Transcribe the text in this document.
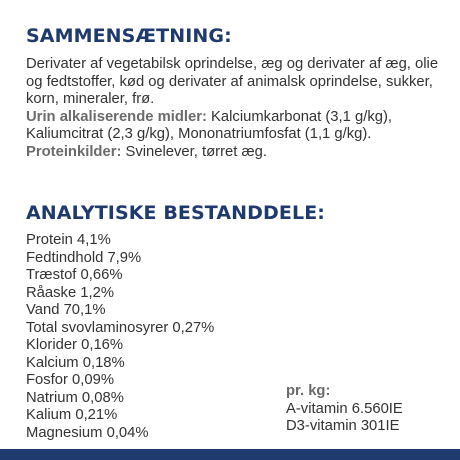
SAMMENSÆTNING:

Derivater af vegetabilsk oprindelse, æg og derivater af æg, olie og fedtstoffer, kød og derivater af animalsk oprindelse, sukker, korn, mineraler, frø.
Urin alkaliserende midler: Kalciumkarbonat (3,1 g/kg), Kaliumcitrat (2,3 g/kg), Mononatriumfosfat (1,1 g/kg).
Proteinkilder: Svinelever, tørret æg.

ANALYTISKE BESTANDDELE:
Protein 4,1%
Fedtindhold 7,9%
Træstof 0,66%
Råaske 1,2%
Vand 70,1%
Total svovlaminosyrer 0,27%
Klorider 0,16%
Kalcium 0,18%
Fosfor 0,09%
Natrium 0,08%
Kalium 0,21%
Magnesium 0,04%
pr. kg:
A-vitamin 6.560IE
D3-vitamin 301IE
